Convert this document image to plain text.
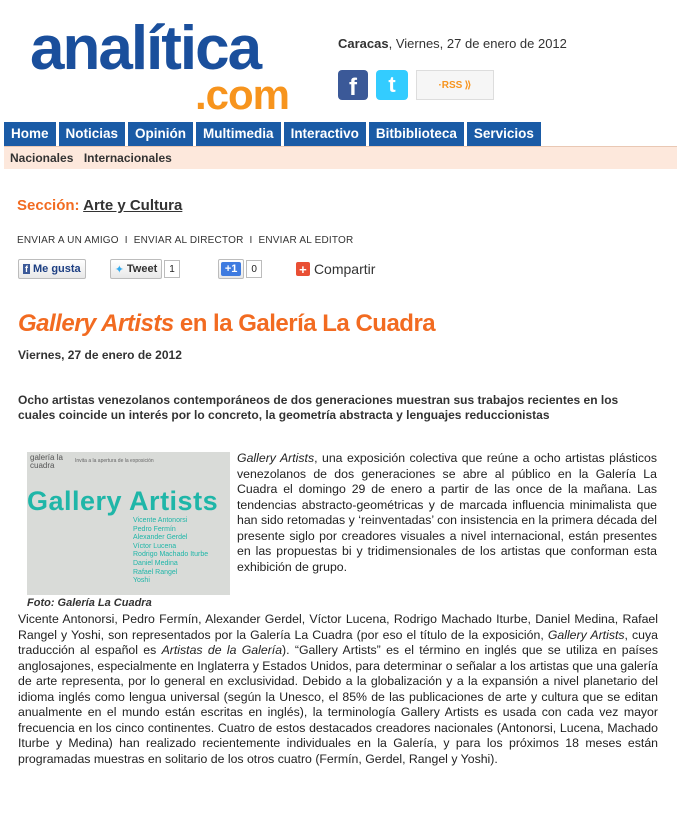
analítica
.com
Caracas, Viernes, 27 de enero de 2012
f	t	·RSS ⟫
Home	Noticias	Opinión	Multimedia	Interactivo	Bitbiblioteca	Servicios
Nacionales Internacionales
Sección: Arte y Cultura
ENVIAR A UN AMIGO I ENVIAR AL DIRECTOR I ENVIAR AL EDITOR
f Me gusta	✦ Tweet	1	+1	0	+ Compartir
Gallery Artists en la Galería La Cuadra
Viernes, 27 de enero de 2012
Ocho artistas venezolanos contemporáneos de dos generaciones muestran sus trabajos recientes en los cuales coincide un interés por lo concreto, la geometría abstracta y lenguajes reduccionistas
galería la cuadra	Invita a la apertura de la exposición
Gallery Artists
Vicente Antonorsi
Pedro Fermín
Alexander Gerdel
Víctor Lucena
Rodrigo Machado Iturbe
Daniel Medina
Rafael Rangel
Yoshi
Foto: Galería La Cuadra
Gallery Artists, una exposición colectiva que reúne a ocho artistas plásticos venezolanos de dos generaciones se abre al público en la Galería La Cuadra el domingo 29 de enero a partir de las once de la mañana. Las tendencias abstracto-geométricas y de marcada influencia minimalista que han sido retomadas y ‘reinventadas’ con insistencia en la primera década del presente siglo por creadores visuales a nivel internacional, están presentes en las propuestas bi y tridimensionales de los artistas que conforman esta exhibición de grupo.
Vicente Antonorsi, Pedro Fermín, Alexander Gerdel, Víctor Lucena, Rodrigo Machado Iturbe, Daniel Medina, Rafael Rangel y Yoshi, son representados por la Galería La Cuadra (por eso el título de la exposición, Gallery Artists, cuya traducción al español es Artistas de la Galería). “Gallery Artists” es el término en inglés que se utiliza en países anglosajones, especialmente en Inglaterra y Estados Unidos, para determinar o señalar a los artistas que una galería de arte representa, por lo general en exclusividad. Debido a la globalización y a la expansión a nivel planetario del idioma inglés como lengua universal (según la Unesco, el 85% de las publicaciones de arte y cultura que se editan anualmente en el mundo están escritas en inglés), la terminología Gallery Artists es usada con cada vez mayor frecuencia en los cinco continentes. Cuatro de estos destacados creadores nacionales (Antonorsi, Lucena, Machado Iturbe y Medina) han realizado recientemente individuales en la Galería, y para los próximos 18 meses están programadas muestras en solitario de los otros cuatro (Fermín, Gerdel, Rangel y Yoshi).
